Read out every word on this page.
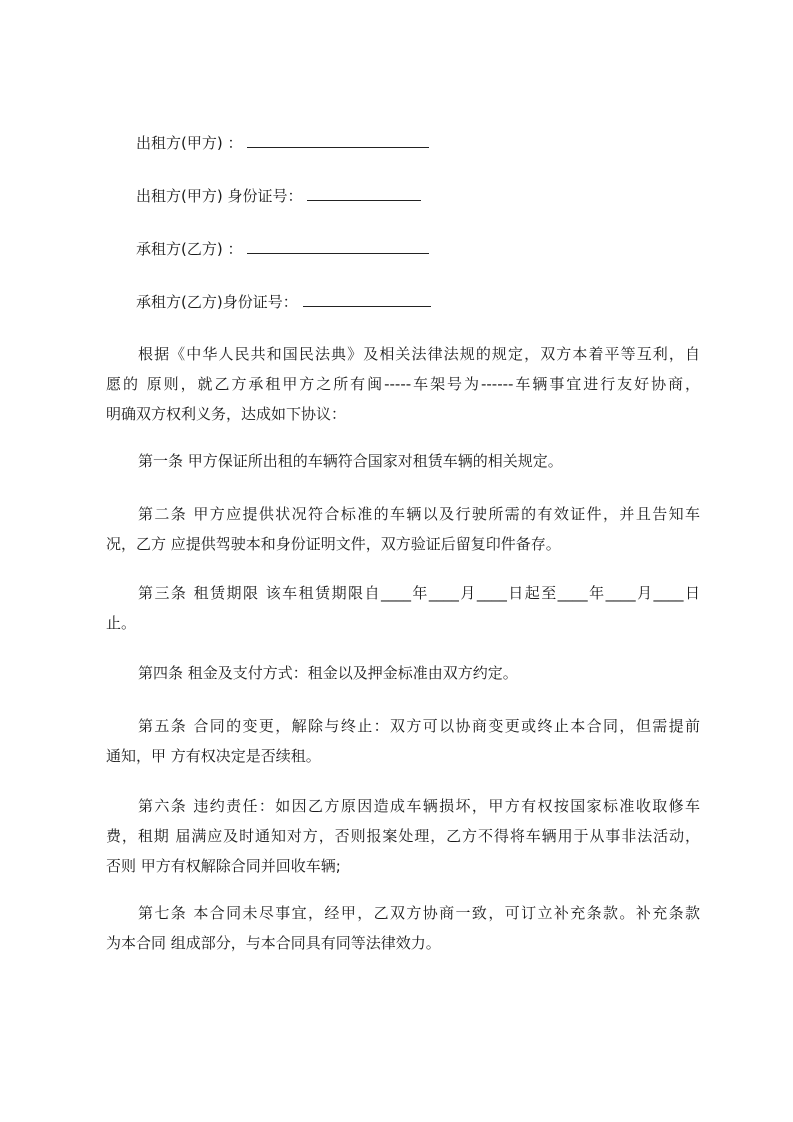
出租方(甲方) ：
出租方(甲方) 身份证号：
承租方(乙方) ：
承租方(乙方)身份证号：
根据《中华人民共和国民法典》及相关法律法规的规定，双方本着平等互利，自
愿的 原则，就乙方承租甲方之所有闽-----车架号为------车辆事宜进行友好协商，
明确双方权利义务，达成如下协议：
第一条 甲方保证所出租的车辆符合国家对租赁车辆的相关规定。
第二条 甲方应提供状况符合标准的车辆以及行驶所需的有效证件，并且告知车
况，乙方 应提供驾驶本和身份证明文件，双方验证后留复印件备存。
第三条 租赁期限 该车租赁期限自____年____月____日起至____年____月____日
止。
第四条 租金及支付方式：租金以及押金标准由双方约定。
第五条 合同的变更，解除与终止：双方可以协商变更或终止本合同，但需提前
通知，甲 方有权决定是否续租。
第六条 违约责任：如因乙方原因造成车辆损坏，甲方有权按国家标准收取修车
费，租期 届满应及时通知对方，否则报案处理，乙方不得将车辆用于从事非法活动，
否则 甲方有权解除合同并回收车辆;
第七条 本合同未尽事宜，经甲，乙双方协商一致，可订立补充条款。补充条款
为本合同 组成部分，与本合同具有同等法律效力。
